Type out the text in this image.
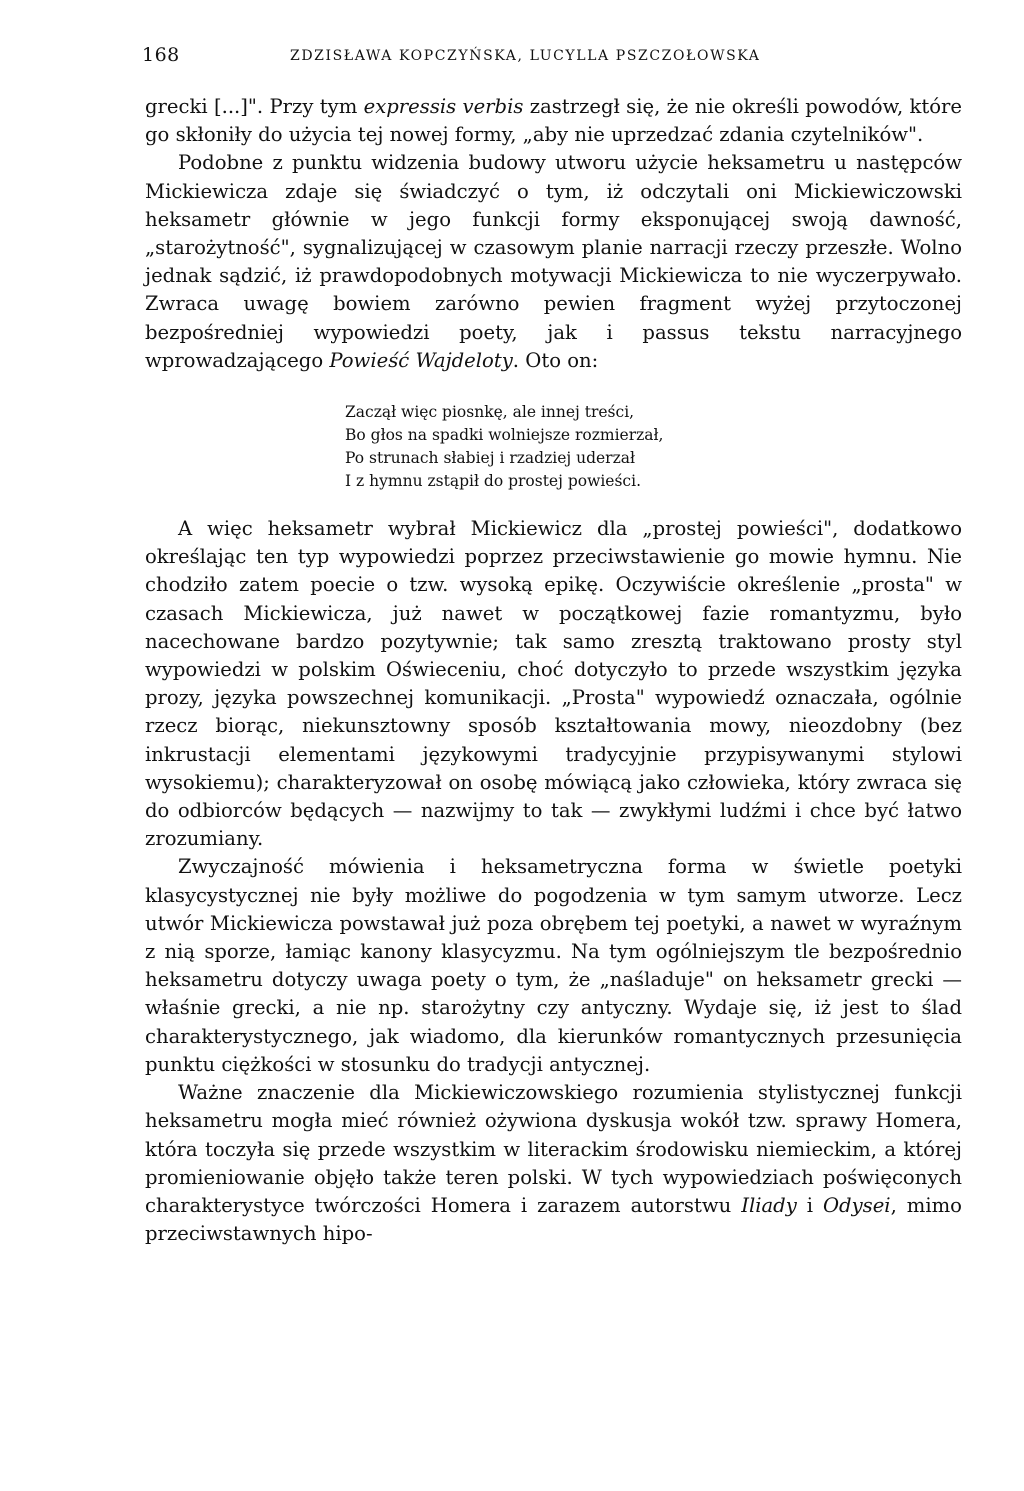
168	ZDZISŁAWA KOPCZYŃSKA, LUCYLLA PSZCZOŁOWSKA

grecki [...]". Przy tym expressis verbis zastrzegł się, że nie określi powodów, które go skłoniły do użycia tej nowej formy, „aby nie uprzedzać zdania czytelników".

Podobne z punktu widzenia budowy utworu użycie heksametru u następców Mickiewicza zdaje się świadczyć o tym, iż odczytali oni Mickiewiczowski heksametr głównie w jego funkcji formy eksponującej swoją dawność, „starożytność", sygnalizującej w czasowym planie narracji rzeczy przeszłe. Wolno jednak sądzić, iż prawdopodobnych motywacji Mickiewicza to nie wyczerpywało. Zwraca uwagę bowiem zarówno pewien fragment wyżej przytoczonej bezpośredniej wypowiedzi poety, jak i passus tekstu narracyjnego wprowadzającego Powieść Wajdeloty. Oto on:

Zaczął więc piosnkę, ale innej treści,
Bo głos na spadki wolniejsze rozmierzał,
Po strunach słabiej i rzadziej uderzał
I z hymnu zstąpił do prostej powieści.

A więc heksametr wybrał Mickiewicz dla „prostej powieści", dodatkowo określając ten typ wypowiedzi poprzez przeciwstawienie go mowie hymnu. Nie chodziło zatem poecie o tzw. wysoką epikę. Oczywiście określenie „prosta" w czasach Mickiewicza, już nawet w początkowej fazie romantyzmu, było nacechowane bardzo pozytywnie; tak samo zresztą traktowano prosty styl wypowiedzi w polskim Oświeceniu, choć dotyczyło to przede wszystkim języka prozy, języka powszechnej komunikacji. „Prosta" wypowiedź oznaczała, ogólnie rzecz biorąc, niekunsztowny sposób kształtowania mowy, nieozdobny (bez inkrustacji elementami językowymi tradycyjnie przypisywanymi stylowi wysokiemu); charakteryzował on osobę mówiącą jako człowieka, który zwraca się do odbiorców będących — nazwijmy to tak — zwykłymi ludźmi i chce być łatwo zrozumiany.

Zwyczajność mówienia i heksametryczna forma w świetle poetyki klasycystycznej nie były możliwe do pogodzenia w tym samym utworze. Lecz utwór Mickiewicza powstawał już poza obrębem tej poetyki, a nawet w wyraźnym z nią sporze, łamiąc kanony klasycyzmu. Na tym ogólniejszym tle bezpośrednio heksametru dotyczy uwaga poety o tym, że „naśladuje" on heksametr grecki — właśnie grecki, a nie np. starożytny czy antyczny. Wydaje się, iż jest to ślad charakterystycznego, jak wiadomo, dla kierunków romantycznych przesunięcia punktu ciężkości w stosunku do tradycji antycznej.

Ważne znaczenie dla Mickiewiczowskiego rozumienia stylistycznej funkcji heksametru mogła mieć również ożywiona dyskusja wokół tzw. sprawy Homera, która toczyła się przede wszystkim w literackim środowisku niemieckim, a której promieniowanie objęło także teren polski. W tych wypowiedziach poświęconych charakterystyce twórczości Homera i zarazem autorstwu Iliady i Odysei, mimo przeciwstawnych hipo-
